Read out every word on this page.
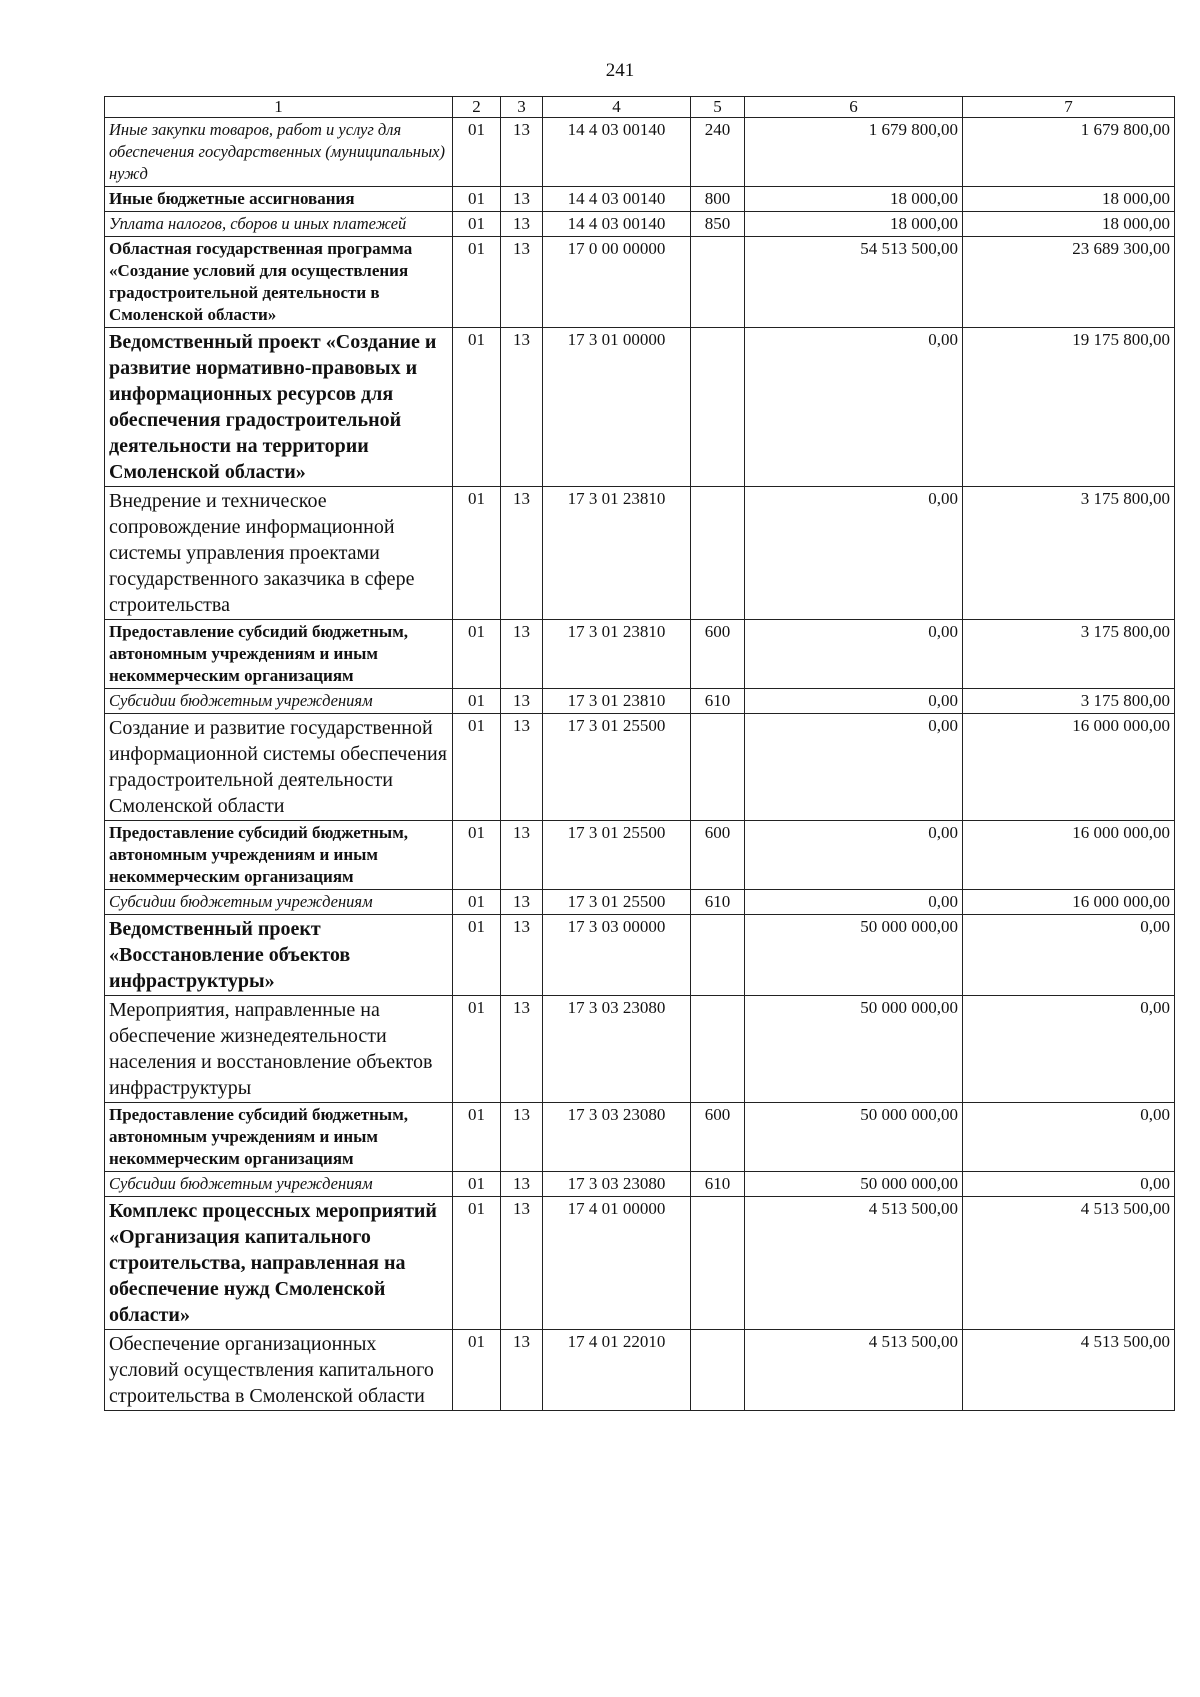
241
1	2	3	4	5	6	7
Иные закупки товаров, работ и услуг для обеспечения государственных (муниципальных) нужд	01	13	14 4 03 00140	240	1 679 800,00	1 679 800,00
Иные бюджетные ассигнования	01	13	14 4 03 00140	800	18 000,00	18 000,00
Уплата налогов, сборов и иных платежей	01	13	14 4 03 00140	850	18 000,00	18 000,00
Областная государственная программа «Создание условий для осуществления градостроительной деятельности в Смоленской области»	01	13	17 0 00 00000		54 513 500,00	23 689 300,00
Ведомственный проект «Создание и развитие нормативно-правовых и информационных ресурсов для обеспечения градостроительной деятельности на территории Смоленской области»	01	13	17 3 01 00000		0,00	19 175 800,00
Внедрение и техническое сопровождение информационной системы управления проектами государственного заказчика в сфере строительства	01	13	17 3 01 23810		0,00	3 175 800,00
Предоставление субсидий бюджетным, автономным учреждениям и иным некоммерческим организациям	01	13	17 3 01 23810	600	0,00	3 175 800,00
Субсидии бюджетным учреждениям	01	13	17 3 01 23810	610	0,00	3 175 800,00
Создание и развитие государственной информационной системы обеспечения градостроительной деятельности Смоленской области	01	13	17 3 01 25500		0,00	16 000 000,00
Предоставление субсидий бюджетным, автономным учреждениям и иным некоммерческим организациям	01	13	17 3 01 25500	600	0,00	16 000 000,00
Субсидии бюджетным учреждениям	01	13	17 3 01 25500	610	0,00	16 000 000,00
Ведомственный проект «Восстановление объектов инфраструктуры»	01	13	17 3 03 00000		50 000 000,00	0,00
Мероприятия, направленные на обеспечение жизнедеятельности населения и восстановление объектов инфраструктуры	01	13	17 3 03 23080		50 000 000,00	0,00
Предоставление субсидий бюджетным, автономным учреждениям и иным некоммерческим организациям	01	13	17 3 03 23080	600	50 000 000,00	0,00
Субсидии бюджетным учреждениям	01	13	17 3 03 23080	610	50 000 000,00	0,00
Комплекс процессных мероприятий «Организация капитального строительства, направленная на обеспечение нужд Смоленской области»	01	13	17 4 01 00000		4 513 500,00	4 513 500,00
Обеспечение организационных условий осуществления капитального строительства в Смоленской области	01	13	17 4 01 22010		4 513 500,00	4 513 500,00
